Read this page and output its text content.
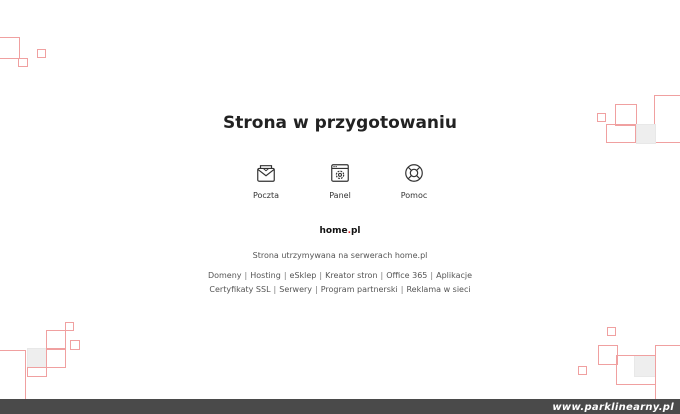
Strona w przygotowaniu
Poczta	Panel	Pomoc
home.pl

Strona utrzymywana na serwerach home.pl

Domeny | Hosting | eSklep | Kreator stron | Office 365 | Aplikacje
Certyfikaty SSL | Serwery | Program partnerski | Reklama w sieci
www.parklinearny.pl
